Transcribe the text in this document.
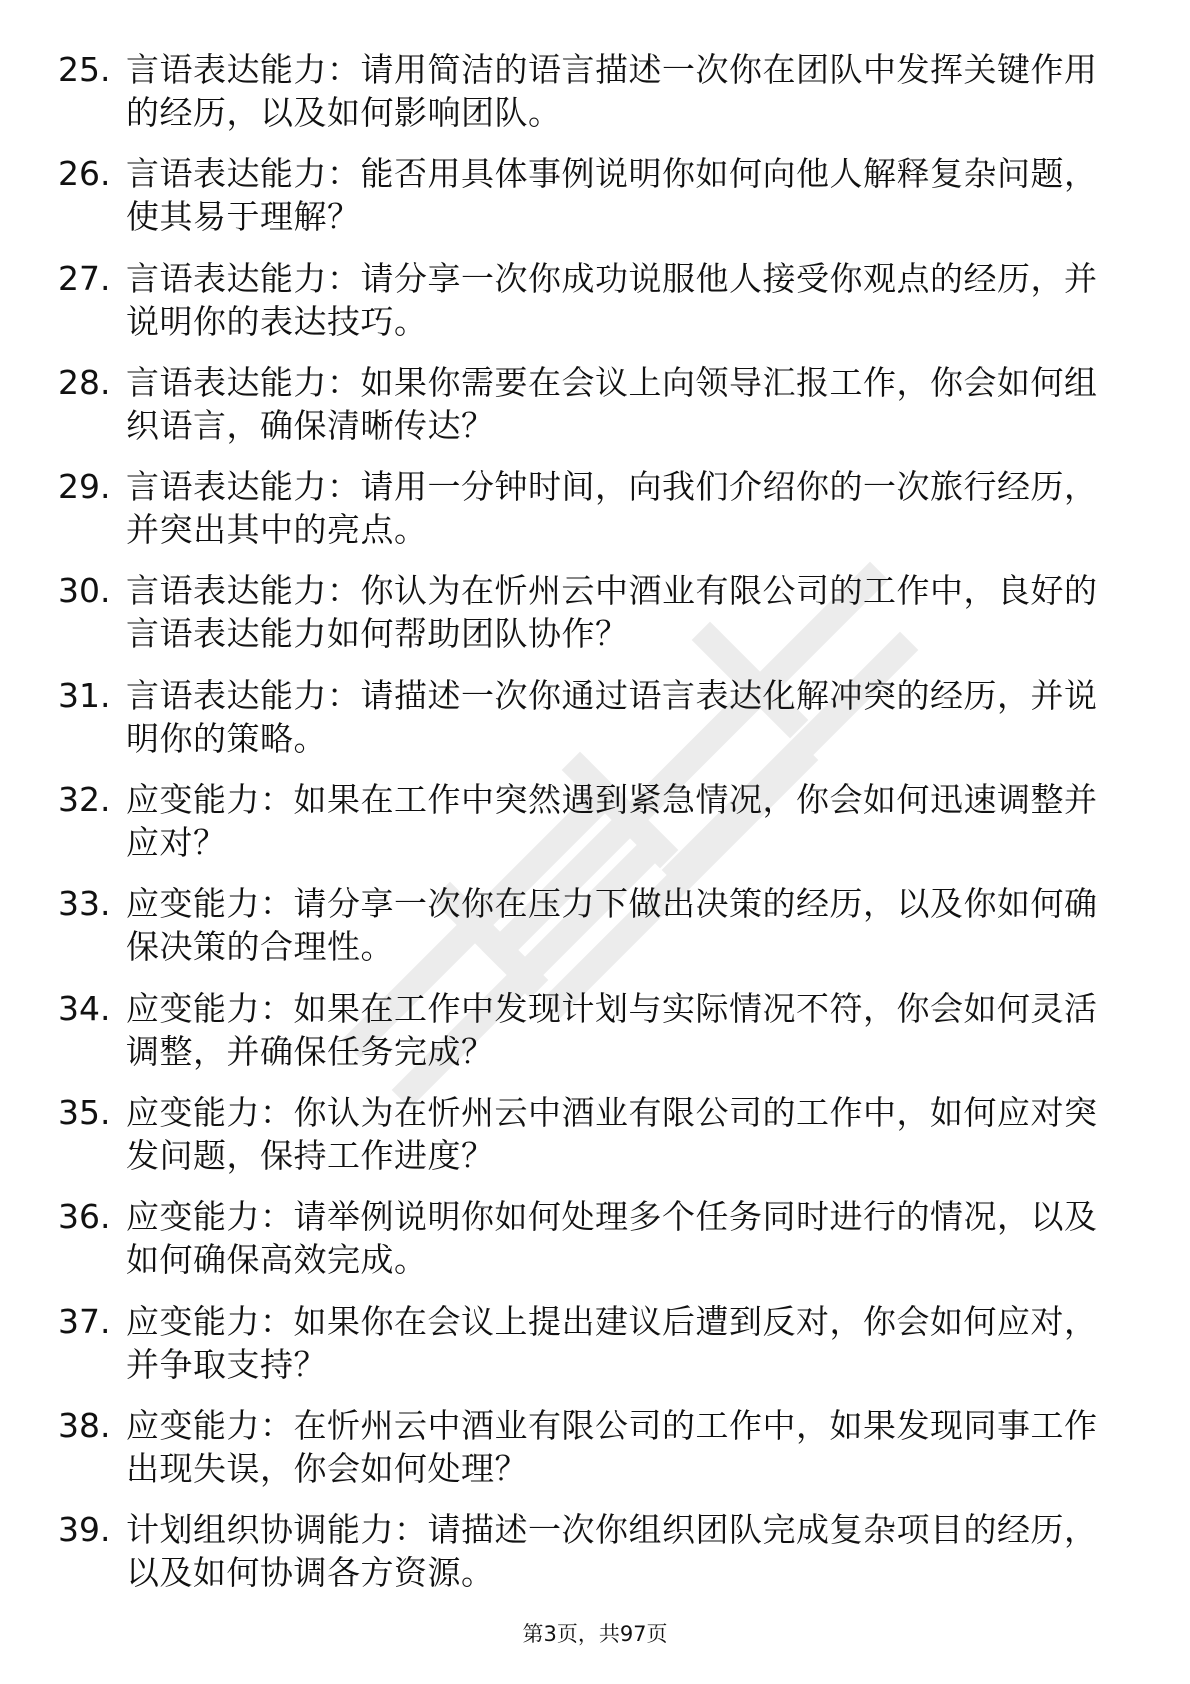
25. 言语表达能力：请用简洁的语言描述一次你在团队中发挥关键作用的经历，以及如何影响团队。
26. 言语表达能力：能否用具体事例说明你如何向他人解释复杂问题，使其易于理解？
27. 言语表达能力：请分享一次你成功说服他人接受你观点的经历，并说明你的表达技巧。
28. 言语表达能力：如果你需要在会议上向领导汇报工作，你会如何组织语言，确保清晰传达？
29. 言语表达能力：请用一分钟时间，向我们介绍你的一次旅行经历，并突出其中的亮点。
30. 言语表达能力：你认为在忻州云中酒业有限公司的工作中，良好的言语表达能力如何帮助团队协作？
31. 言语表达能力：请描述一次你通过语言表达化解冲突的经历，并说明你的策略。
32. 应变能力：如果在工作中突然遇到紧急情况，你会如何迅速调整并应对？
33. 应变能力：请分享一次你在压力下做出决策的经历，以及你如何确保决策的合理性。
34. 应变能力：如果在工作中发现计划与实际情况不符，你会如何灵活调整，并确保任务完成？
35. 应变能力：你认为在忻州云中酒业有限公司的工作中，如何应对突发问题，保持工作进度？
36. 应变能力：请举例说明你如何处理多个任务同时进行的情况，以及如何确保高效完成。
37. 应变能力：如果你在会议上提出建议后遭到反对，你会如何应对，并争取支持？
38. 应变能力：在忻州云中酒业有限公司的工作中，如果发现同事工作出现失误，你会如何处理？
39. 计划组织协调能力：请描述一次你组织团队完成复杂项目的经历，以及如何协调各方资源。
第3页，共97页
